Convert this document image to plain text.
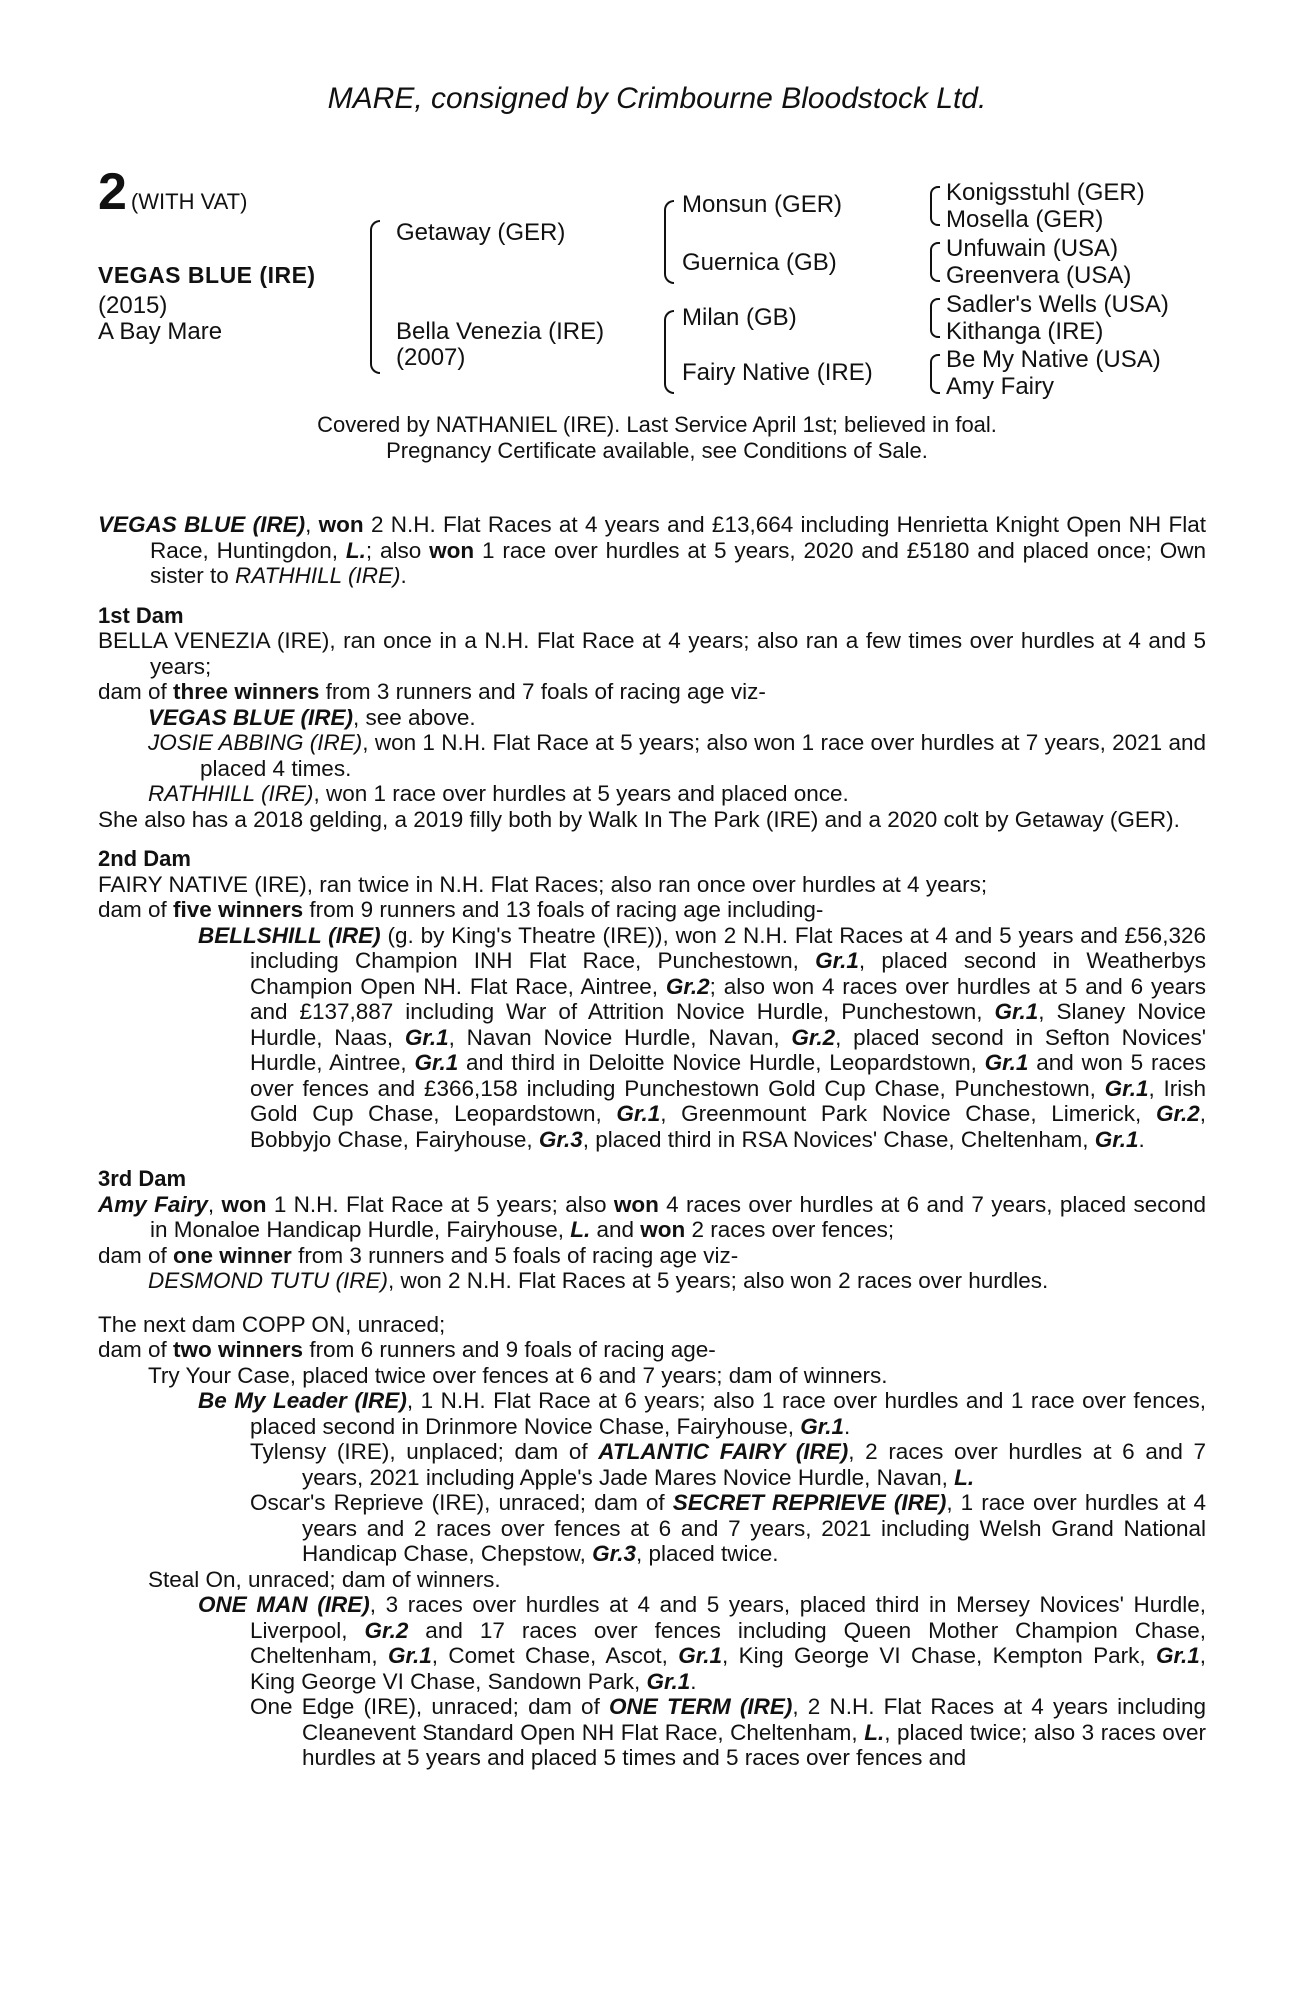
MARE, consigned by Crimbourne Bloodstock Ltd.
2 (WITH VAT)
VEGAS BLUE (IRE)
(2015)
A Bay Mare
Getaway (GER)
Bella Venezia (IRE)
(2007)
Monsun (GER)
Guernica (GB)
Milan (GB)
Fairy Native (IRE)
Konigsstuhl (GER)
Mosella (GER)
Unfuwain (USA)
Greenvera (USA)
Sadler's Wells (USA)
Kithanga (IRE)
Be My Native (USA)
Amy Fairy
Covered by NATHANIEL (IRE). Last Service April 1st; believed in foal.
Pregnancy Certificate available, see Conditions of Sale.

VEGAS BLUE (IRE), won 2 N.H. Flat Races at 4 years and £13,664 including Henrietta Knight Open NH Flat Race, Huntingdon, L.; also won 1 race over hurdles at 5 years, 2020 and £5180 and placed once; Own sister to RATHHILL (IRE).

1st Dam

BELLA VENEZIA (IRE), ran once in a N.H. Flat Race at 4 years; also ran a few times over hurdles at 4 and 5 years;

dam of three winners from 3 runners and 7 foals of racing age viz-

VEGAS BLUE (IRE), see above.

JOSIE ABBING (IRE), won 1 N.H. Flat Race at 5 years; also won 1 race over hurdles at 7 years, 2021 and placed 4 times.

RATHHILL (IRE), won 1 race over hurdles at 5 years and placed once.

She also has a 2018 gelding, a 2019 filly both by Walk In The Park (IRE) and a 2020 colt by Getaway (GER).

2nd Dam

FAIRY NATIVE (IRE), ran twice in N.H. Flat Races; also ran once over hurdles at 4 years;

dam of five winners from 9 runners and 13 foals of racing age including-

BELLSHILL (IRE) (g. by King's Theatre (IRE)), won 2 N.H. Flat Races at 4 and 5 years and £56,326 including Champion INH Flat Race, Punchestown, Gr.1, placed second in Weatherbys Champion Open NH. Flat Race, Aintree, Gr.2; also won 4 races over hurdles at 5 and 6 years and £137,887 including War of Attrition Novice Hurdle, Punchestown, Gr.1, Slaney Novice Hurdle, Naas, Gr.1, Navan Novice Hurdle, Navan, Gr.2, placed second in Sefton Novices' Hurdle, Aintree, Gr.1 and third in Deloitte Novice Hurdle, Leopardstown, Gr.1 and won 5 races over fences and £366,158 including Punchestown Gold Cup Chase, Punchestown, Gr.1, Irish Gold Cup Chase, Leopardstown, Gr.1, Greenmount Park Novice Chase, Limerick, Gr.2, Bobbyjo Chase, Fairyhouse, Gr.3, placed third in RSA Novices' Chase, Cheltenham, Gr.1.

3rd Dam

Amy Fairy, won 1 N.H. Flat Race at 5 years; also won 4 races over hurdles at 6 and 7 years, placed second in Monaloe Handicap Hurdle, Fairyhouse, L. and won 2 races over fences;

dam of one winner from 3 runners and 5 foals of racing age viz-

DESMOND TUTU (IRE), won 2 N.H. Flat Races at 5 years; also won 2 races over hurdles.

The next dam COPP ON, unraced;

dam of two winners from 6 runners and 9 foals of racing age-

Try Your Case, placed twice over fences at 6 and 7 years; dam of winners.

Be My Leader (IRE), 1 N.H. Flat Race at 6 years; also 1 race over hurdles and 1 race over fences, placed second in Drinmore Novice Chase, Fairyhouse, Gr.1.

Tylensy (IRE), unplaced; dam of ATLANTIC FAIRY (IRE), 2 races over hurdles at 6 and 7 years, 2021 including Apple's Jade Mares Novice Hurdle, Navan, L.

Oscar's Reprieve (IRE), unraced; dam of SECRET REPRIEVE (IRE), 1 race over hurdles at 4 years and 2 races over fences at 6 and 7 years, 2021 including Welsh Grand National Handicap Chase, Chepstow, Gr.3, placed twice.

Steal On, unraced; dam of winners.

ONE MAN (IRE), 3 races over hurdles at 4 and 5 years, placed third in Mersey Novices' Hurdle, Liverpool, Gr.2 and 17 races over fences including Queen Mother Champion Chase, Cheltenham, Gr.1, Comet Chase, Ascot, Gr.1, King George VI Chase, Kempton Park, Gr.1, King George VI Chase, Sandown Park, Gr.1.

One Edge (IRE), unraced; dam of ONE TERM (IRE), 2 N.H. Flat Races at 4 years including Cleanevent Standard Open NH Flat Race, Cheltenham, L., placed twice; also 3 races over hurdles at 5 years and placed 5 times and 5 races over fences and
